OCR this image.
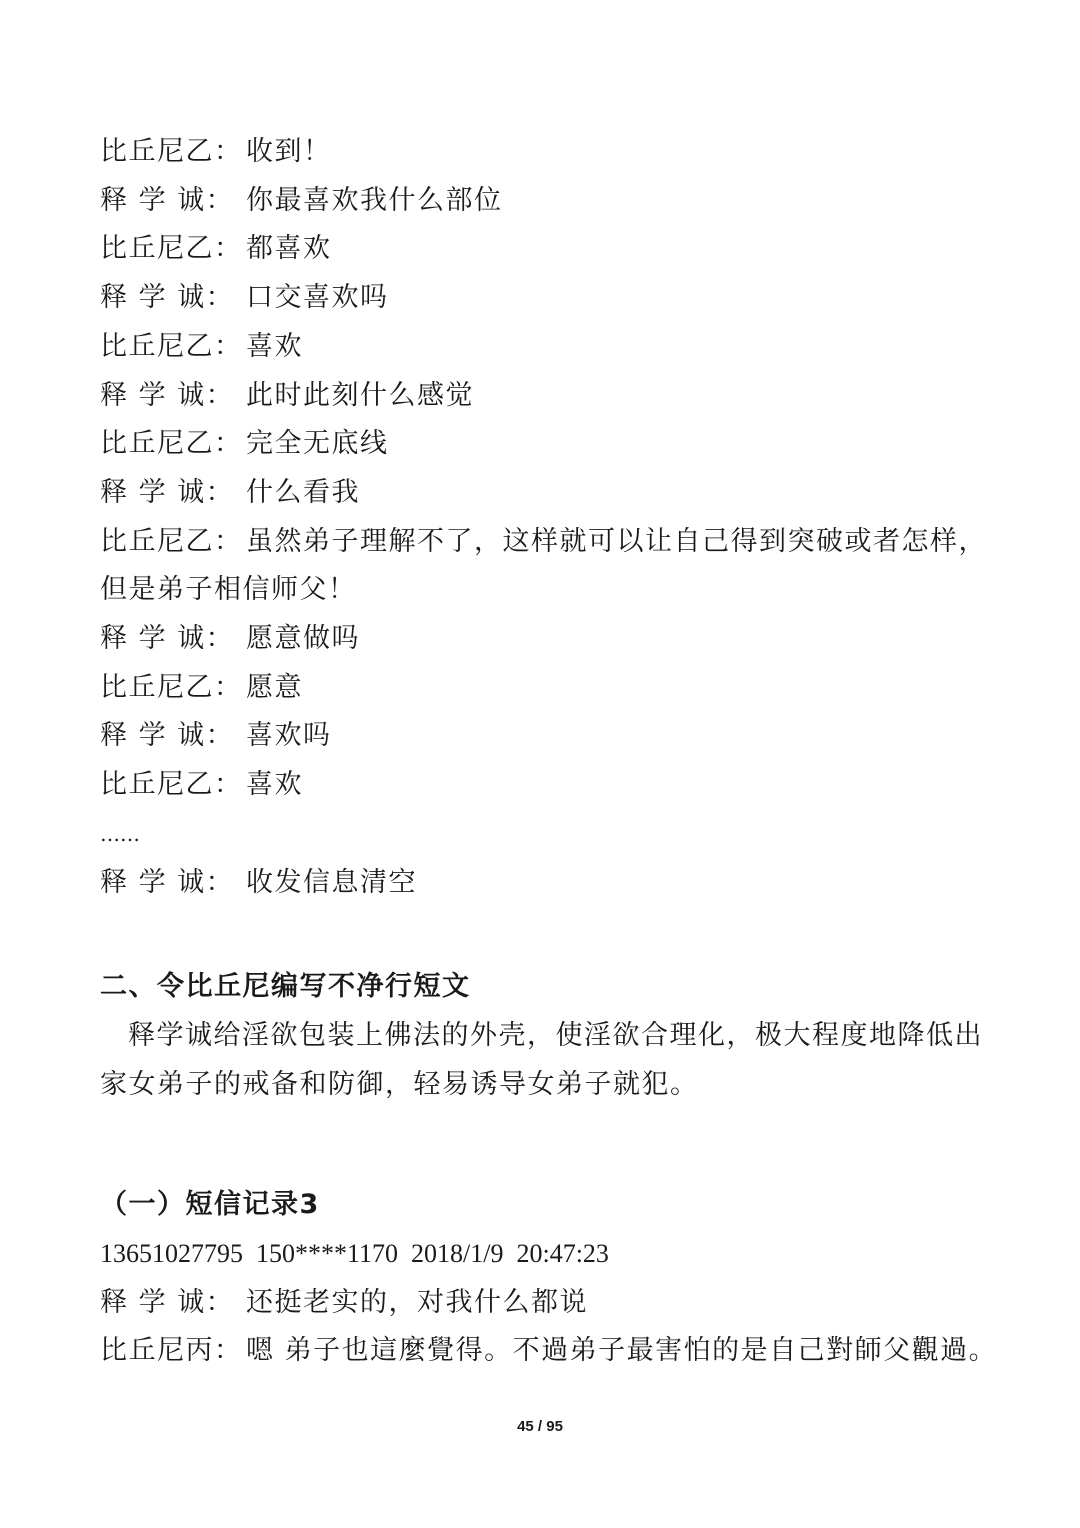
比丘尼乙： 收到！
释 学 诚： 你最喜欢我什么部位
比丘尼乙： 都喜欢
释 学 诚： 口交喜欢吗
比丘尼乙： 喜欢
释 学 诚： 此时此刻什么感觉
比丘尼乙： 完全无底线
释 学 诚： 什么看我
比丘尼乙： 虽然弟子理解不了，这样就可以让自己得到突破或者怎样，但是弟子相信师父！
释 学 诚： 愿意做吗
比丘尼乙： 愿意
释 学 诚： 喜欢吗
比丘尼乙： 喜欢
……
释 学 诚： 收发信息清空
二、令比丘尼编写不净行短文

释学诚给淫欲包装上佛法的外壳，使淫欲合理化，极大程度地降低出家女弟子的戒备和防御，轻易诱导女弟子就犯。

（一）短信记录3
13651027795  150****1170  2018/1/9  20:47:23
释 学 诚： 还挺老实的，对我什么都说
比丘尼丙： 嗯 弟子也這麼覺得。不過弟子最害怕的是自己對師父觀過。
45 / 95
